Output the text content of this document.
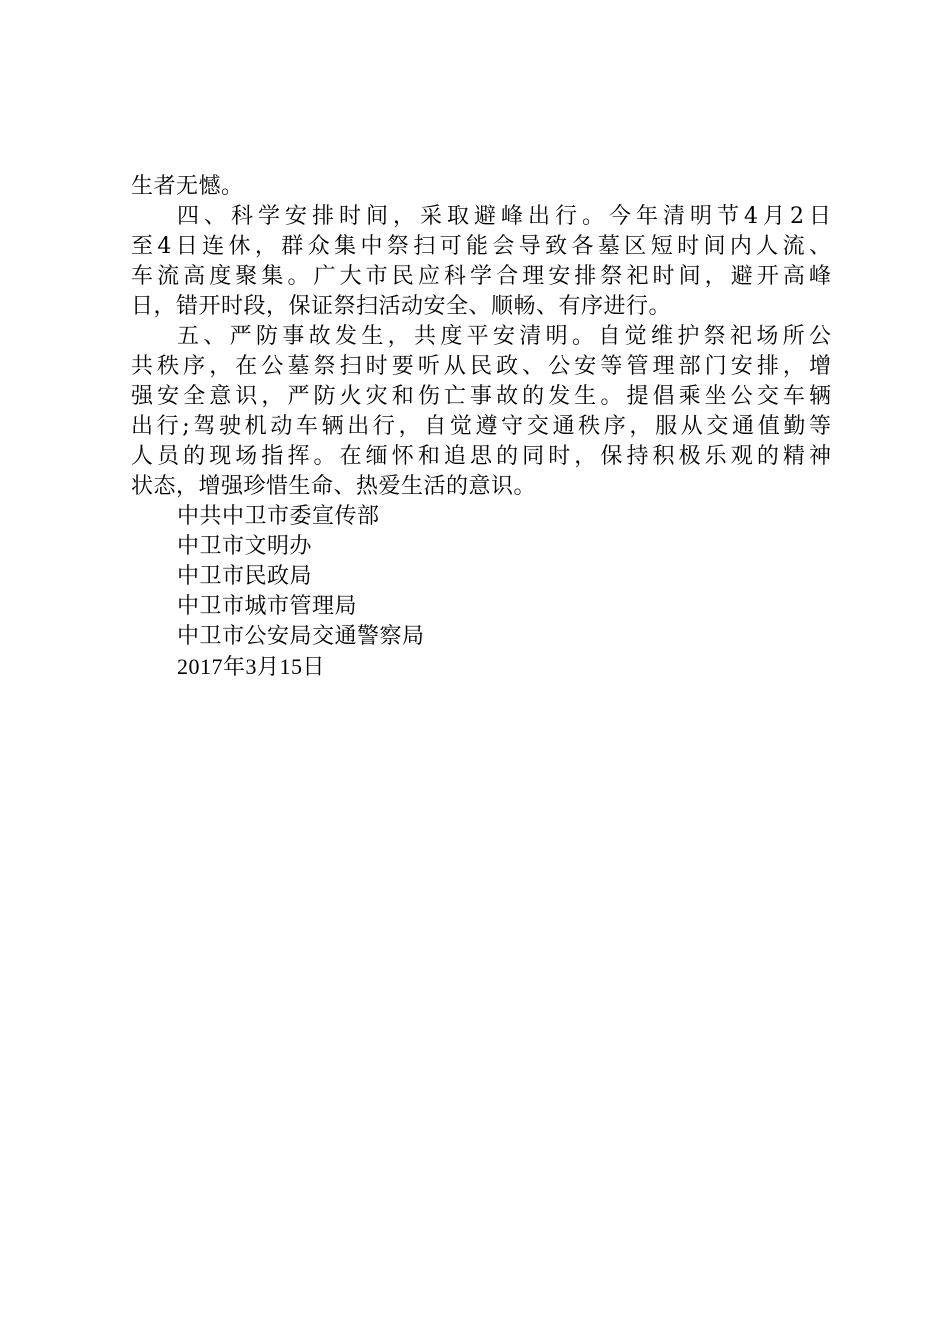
生者无憾。
四、科学安排时间，采取避峰出行。今年清明节4月2日
至4日连休，群众集中祭扫可能会导致各墓区短时间内人流、
车流高度聚集。广大市民应科学合理安排祭祀时间，避开高峰
日，错开时段，保证祭扫活动安全、顺畅、有序进行。
五、严防事故发生，共度平安清明。自觉维护祭祀场所公
共秩序，在公墓祭扫时要听从民政、公安等管理部门安排，增
强安全意识，严防火灾和伤亡事故的发生。提倡乘坐公交车辆
出行;驾驶机动车辆出行，自觉遵守交通秩序，服从交通值勤等
人员的现场指挥。在缅怀和追思的同时，保持积极乐观的精神
状态，增强珍惜生命、热爱生活的意识。
中共中卫市委宣传部
中卫市文明办
中卫市民政局
中卫市城市管理局
中卫市公安局交通警察局
2017年3月15日
